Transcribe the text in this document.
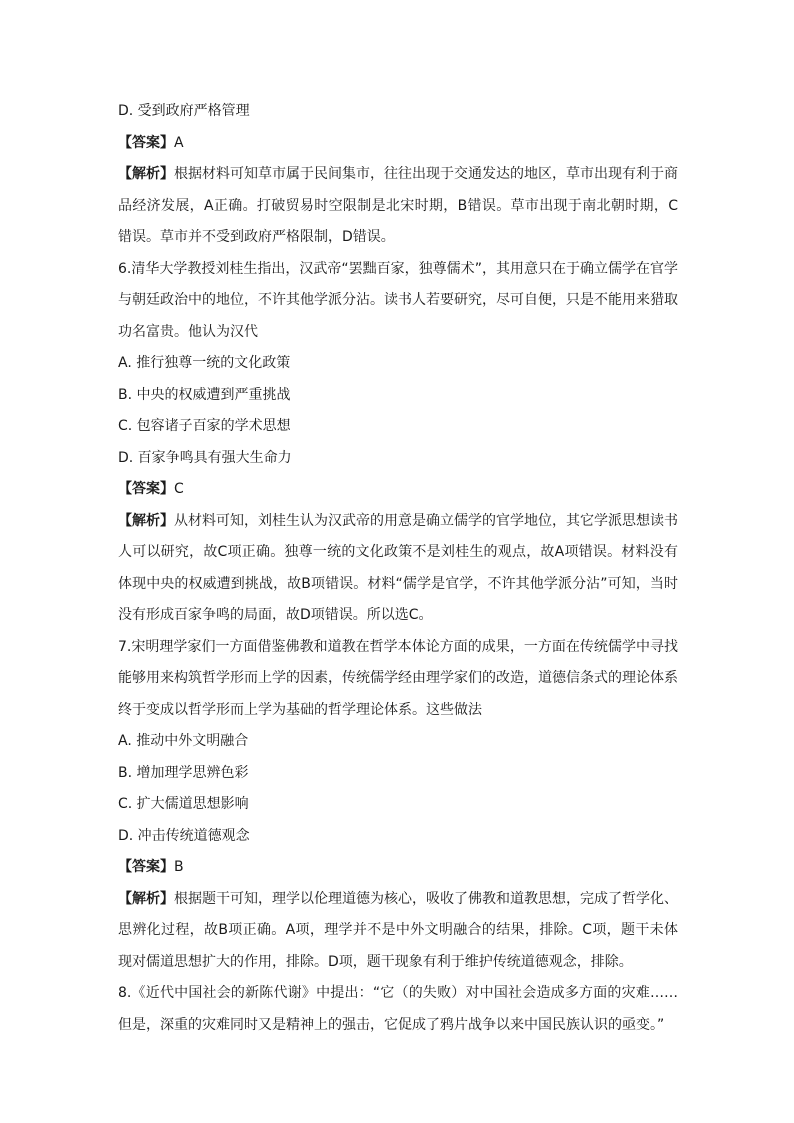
D. 受到政府严格管理
【答案】A
【解析】根据材料可知草市属于民间集市，往往出现于交通发达的地区，草市出现有利于商品经济发展，A正确。打破贸易时空限制是北宋时期，B错误。草市出现于南北朝时期，C错误。草市并不受到政府严格限制，D错误。
6.清华大学教授刘桂生指出，汉武帝“罢黜百家，独尊儒术”，其用意只在于确立儒学在官学与朝廷政治中的地位，不许其他学派分沾。读书人若要研究，尽可自便，只是不能用来猎取功名富贵。他认为汉代
A. 推行独尊一统的文化政策
B. 中央的权威遭到严重挑战
C. 包容诸子百家的学术思想
D. 百家争鸣具有强大生命力
【答案】C
【解析】从材料可知，刘桂生认为汉武帝的用意是确立儒学的官学地位，其它学派思想读书人可以研究，故C项正确。独尊一统的文化政策不是刘桂生的观点，故A项错误。材料没有体现中央的权威遭到挑战，故B项错误。材料“儒学是官学，不许其他学派分沾”可知，当时没有形成百家争鸣的局面，故D项错误。所以选C。
7.宋明理学家们一方面借鉴佛教和道教在哲学本体论方面的成果，一方面在传统儒学中寻找能够用来构筑哲学形而上学的因素，传统儒学经由理学家们的改造，道德信条式的理论体系终于变成以哲学形而上学为基础的哲学理论体系。这些做法
A. 推动中外文明融合
B. 增加理学思辨色彩
C. 扩大儒道思想影响
D. 冲击传统道德观念
【答案】B
【解析】根据题干可知，理学以伦理道德为核心，吸收了佛教和道教思想，完成了哲学化、思辨化过程，故B项正确。A项，理学并不是中外文明融合的结果，排除。C项，题干未体现对儒道思想扩大的作用，排除。D项，题干现象有利于维护传统道德观念，排除。
8.《近代中国社会的新陈代谢》中提出：“它（的失败）对中国社会造成多方面的灾难……但是，深重的灾难同时又是精神上的强击，它促成了鸦片战争以来中国民族认识的亟变。”
